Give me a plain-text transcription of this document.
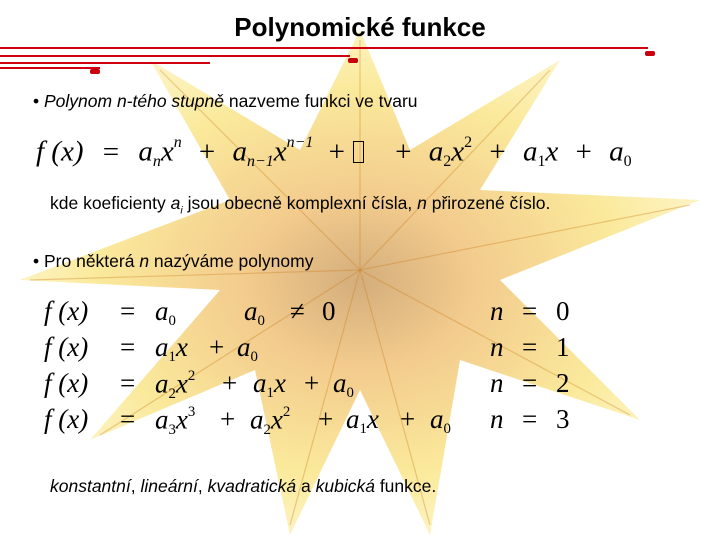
Polynomické funkce
• Polynom n-tého stupně nazveme funkci ve tvaru
f $(x) = a_nx^n + a_{n-1}x^{n-1}$ + + $a_2x^2 + a_1x + a_0$
kde koeficienty $a_i$ jsou obecně komplexní čísla, n přirozené číslo.
• Pro některá n nazýváme polynomy
f $(x) = a_0$	$a_0 \ne 0$	n = 0
f $(x) = a_1x + a_0$	n = 1
f $(x) = a_2x^2 + a_1x + a_0$	n = 2
f $(x) = a_3x^3 + a_2x^2 + a_1x + a_0$ n = 3
konstantní, lineární, kvadratická a kubická funkce.
